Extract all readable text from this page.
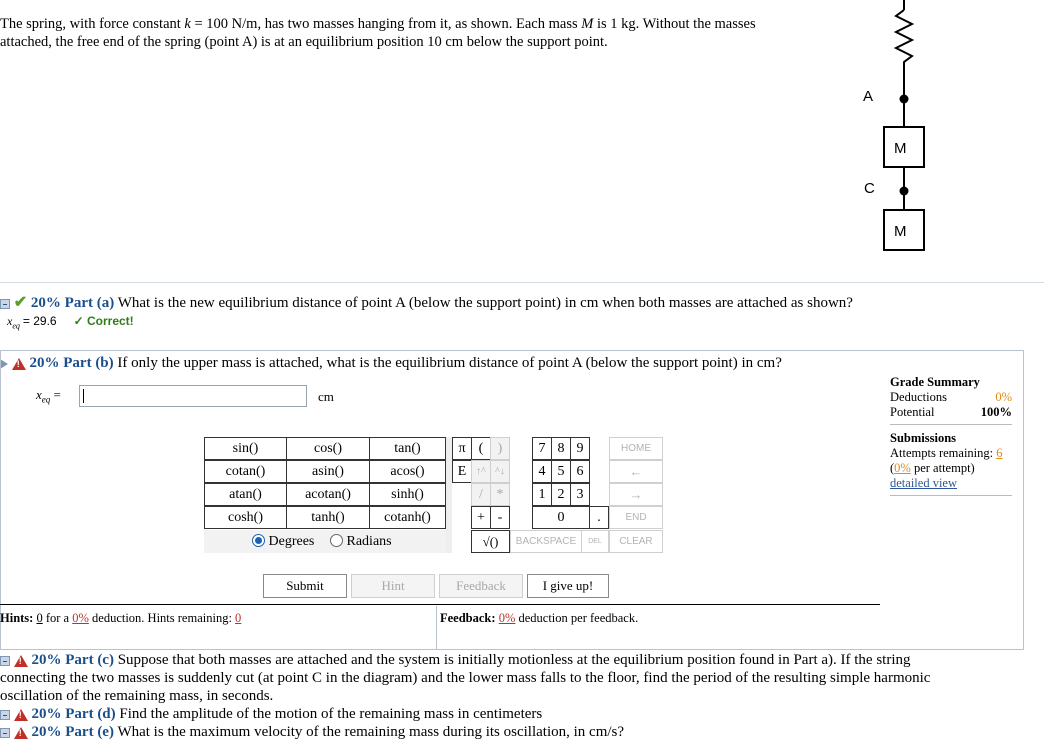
The spring, with force constant k = 100 N/m, has two masses hanging from it, as shown. Each mass M is 1 kg. Without the masses
attached, the free end of the spring (point A) is at an equilibrium position 10 cm below the support point.
A
C
M
M
✔ 20% Part (a) What is the new equilibrium distance of point A (below the support point) in cm when both masses are attached as shown?
$x_{eq} = 29.6$ ✓ Correct!
! 20% Part (b) If only the upper mass is attached, what is the equilibrium distance of point A (below the support point) in cm?
$x_{eq}$ =	cm
sin()	cos()	tan()
cotan()	asin()	acos()
atan()	acotan()	sinh()
cosh()	tanh()	cotanh()
π (	)
E ↑^ ^↓
/ *
+ -
√()
7 8 9
4 5 6
1 2 3
0	.
HOME
←
→
END
BACKSPACE	DEL	CLEAR
Degrees	Radians
Submit	Hint	Feedback	I give up!
Hints: 0 for a 0% deduction. Hints remaining: 0	Feedback: 0% deduction per feedback.
Grade Summary
Deductions	0%
Potential	100%
Submissions
Attempts remaining: 6
(0% per attempt)
detailed view
! 20% Part (c) Suppose that both masses are attached and the system is initially motionless at the equilibrium position found in Part a). If the string
connecting the two masses is suddenly cut (at point C in the diagram) and the lower mass falls to the floor, find the period of the resulting simple harmonic
oscillation of the remaining mass, in seconds.
! 20% Part (d) Find the amplitude of the motion of the remaining mass in centimeters
! 20% Part (e) What is the maximum velocity of the remaining mass during its oscillation, in cm/s?
